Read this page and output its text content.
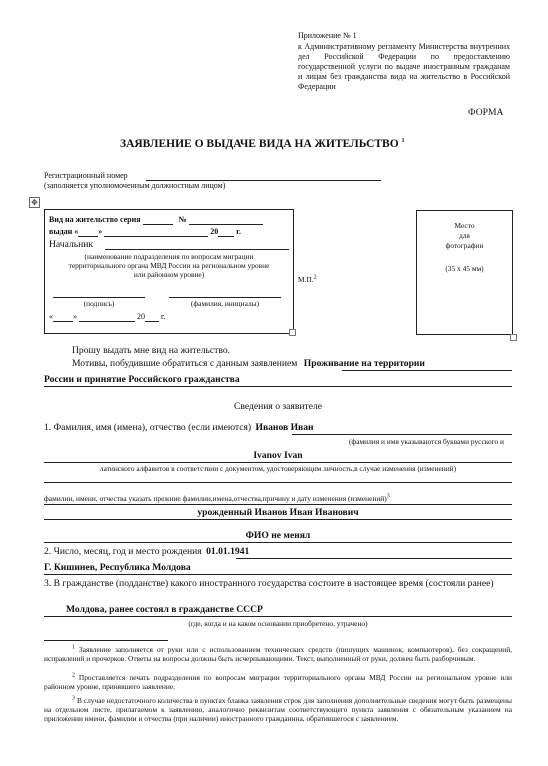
Приложение № 1
к Административному регламенту Министерства внутренних дел Российской Федерации по предоставлению государственной услуги по выдаче иностранным гражданам и лицам без гражданства вида на жительство в Российской Федерации
ФОРМА
ЗАЯВЛЕНИЕ О ВЫДАЧЕ ВИДА НА ЖИТЕЛЬСТВО $^1$
Регистрационный номер
(заполняется уполномоченным должностным лицом)
✥
Вид на жительство серия	№
выдан «	»	20 г.
Начальник
(наименование подразделения по вопросам миграции территориального органа МВД России на региональном уровне или районном уровне)
(подпись)	(фамилия, инициалы)
«	»	20 г.
М.П.$^2$
Место
для
фотографии
(35 х 45 мм)
Прошу выдать мне вид на жительство.
Мотивы, побудившие обратиться с данным заявлением Проживание на территории
России и принятие Российского гражданства
Сведения о заявителе
1. Фамилия, имя (имена), отчество (если имеются) Иванов Иван
(фамилия и имя указываются буквами русского и
Ivanov Ivan
латинского алфавитов в соответствии с документом, удостоверяющим личность,в случае изменения (изменений)
фамилии, имени, отчества указать прежние фамилии,имена,отчества,причину и дату изменения (изменений)$^3$
урожденный Иванов Иван Иванович
ФИО не менял
2. Число, месяц, год и место рождения 01.01.1941
Г. Кишинев, Республика Молдова
3. В гражданстве (подданстве) какого иностранного государства состоите в настоящее время (состояли ранее)
Молдова, ранее состоял в гражданстве СССР
(где, когда и на каком основании приобретено, утрачено)
$^1$ Заявление заполняется от руки или с использованием технических средств (пишущих машинок, компьютеров), без сокращений, исправлений и прочерков. Ответы на вопросы должны быть исчерпывающими. Текст, выполненный от руки, должен быть разборчивым.
$^2$ Проставляется печать подразделения по вопросам миграции территориального органа МВД России на региональном уровне или районном уровне, принявшего заявление.
$^3$ В случае недостаточного количества в пунктах бланка заявления строк для заполнения дополнительные сведения могут быть размещены на отдельном листе, прилагаемом к заявлению, аналогично реквизитам соответствующего пункта заявления с обязательным указанием на приложении имени, фамилии и отчества (при наличии) иностранного гражданина, обратившегося с заявлением.
